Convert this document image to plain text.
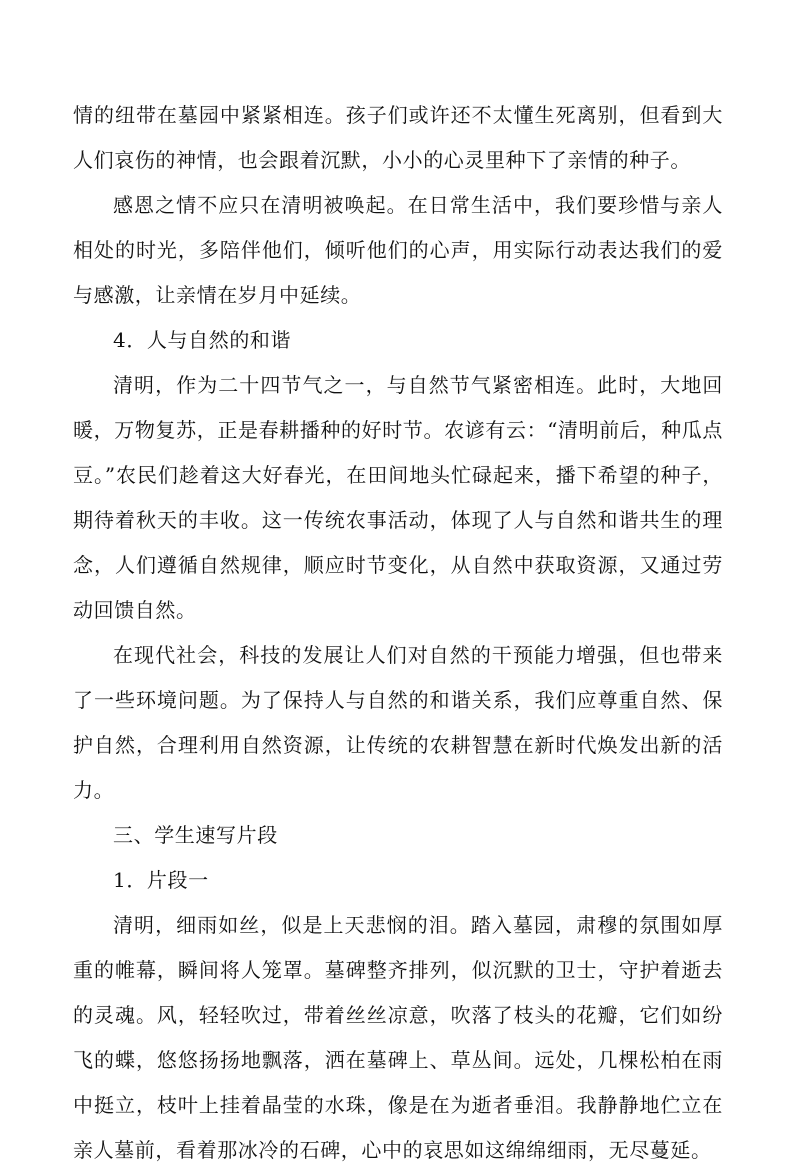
情的纽带在墓园中紧紧相连。孩子们或许还不太懂生死离别，但看到大人们哀伤的神情，也会跟着沉默，小小的心灵里种下了亲情的种子。

感恩之情不应只在清明被唤起。在日常生活中，我们要珍惜与亲人相处的时光，多陪伴他们，倾听他们的心声，用实际行动表达我们的爱与感激，让亲情在岁月中延续。

4．人与自然的和谐

清明，作为二十四节气之一，与自然节气紧密相连。此时，大地回暖，万物复苏，正是春耕播种的好时节。农谚有云：“清明前后，种瓜点豆。”农民们趁着这大好春光，在田间地头忙碌起来，播下希望的种子，期待着秋天的丰收。这一传统农事活动，体现了人与自然和谐共生的理念，人们遵循自然规律，顺应时节变化，从自然中获取资源，又通过劳动回馈自然。

在现代社会，科技的发展让人们对自然的干预能力增强，但也带来了一些环境问题。为了保持人与自然的和谐关系，我们应尊重自然、保护自然，合理利用自然资源，让传统的农耕智慧在新时代焕发出新的活力。

三、学生速写片段

1．片段一

清明，细雨如丝，似是上天悲悯的泪。踏入墓园，肃穆的氛围如厚重的帷幕，瞬间将人笼罩。墓碑整齐排列，似沉默的卫士，守护着逝去的灵魂。风，轻轻吹过，带着丝丝凉意，吹落了枝头的花瓣，它们如纷飞的蝶，悠悠扬扬地飘落，洒在墓碑上、草丛间。远处，几棵松柏在雨中挺立，枝叶上挂着晶莹的水珠，像是在为逝者垂泪。我静静地伫立在亲人墓前，看着那冰冷的石碑，心中的哀思如这绵绵细雨，无尽蔓延。
